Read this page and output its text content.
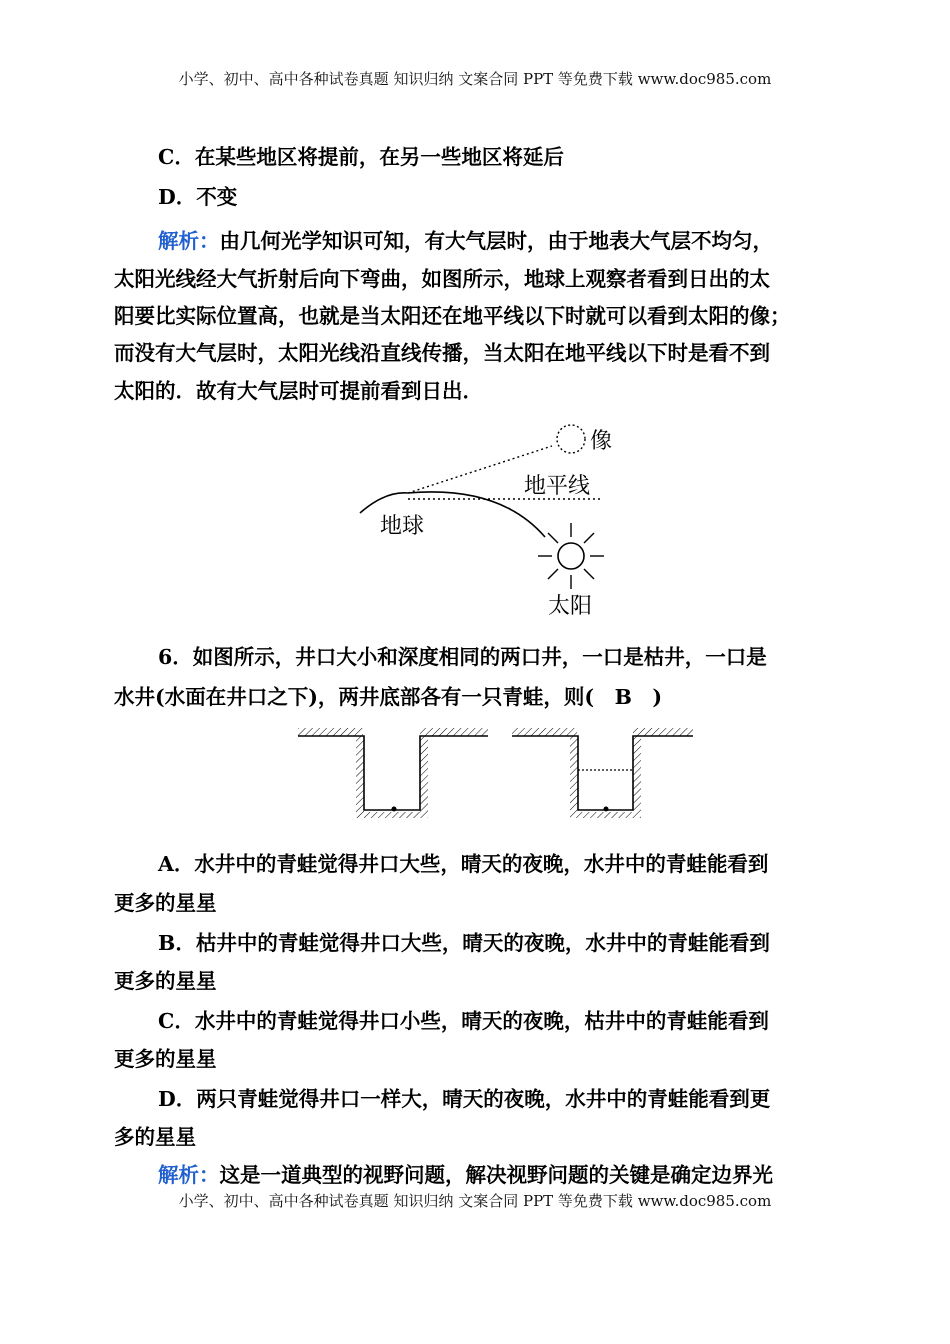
小学、初中、高中各种试卷真题 知识归纳 文案合同 PPT 等免费下载 www.doc985.com
C．在某些地区将提前，在另一些地区将延后
D．不变
解析：由几何光学知识可知，有大气层时，由于地表大气层不均匀，
太阳光线经大气折射后向下弯曲，如图所示，地球上观察者看到日出的太
阳要比实际位置高，也就是当太阳还在地平线以下时就可以看到太阳的像；
而没有大气层时，太阳光线沿直线传播，当太阳在地平线以下时是看不到
太阳的．故有大气层时可提前看到日出．
像
地平线
地球
太阳
6．如图所示，井口大小和深度相同的两口井，一口是枯井，一口是
水井(水面在井口之下)，两井底部各有一只青蛙，则(　B　)
A．水井中的青蛙觉得井口大些，晴天的夜晚，水井中的青蛙能看到
更多的星星
B．枯井中的青蛙觉得井口大些，晴天的夜晚，水井中的青蛙能看到
更多的星星
C．水井中的青蛙觉得井口小些，晴天的夜晚，枯井中的青蛙能看到
更多的星星
D．两只青蛙觉得井口一样大，晴天的夜晚，水井中的青蛙能看到更
多的星星
解析：这是一道典型的视野问题，解决视野问题的关键是确定边界光
小学、初中、高中各种试卷真题 知识归纳 文案合同 PPT 等免费下载 www.doc985.com
